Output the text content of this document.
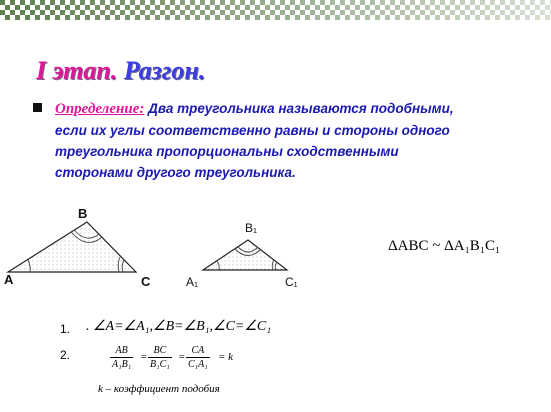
I этап. Разгон.
Определение: Два треугольника называются подобными,
если их углы соответственно равны и стороны одного
треугольника пропорциональны сходственными
сторонами другого треугольника.
B
A	C
B₁
A₁	C₁
ΔABC ~ ΔA₁B₁C₁
1. . ∠A=∠A₁,∠B=∠B₁,∠C=∠C₁
2.	$\frac{AB}{\text{A₁B₁}} = \frac{BC}{\text{B₁C₁}} = \frac{CA}{\text{C₁A₁}} = k$
k – коэффициент подобия
